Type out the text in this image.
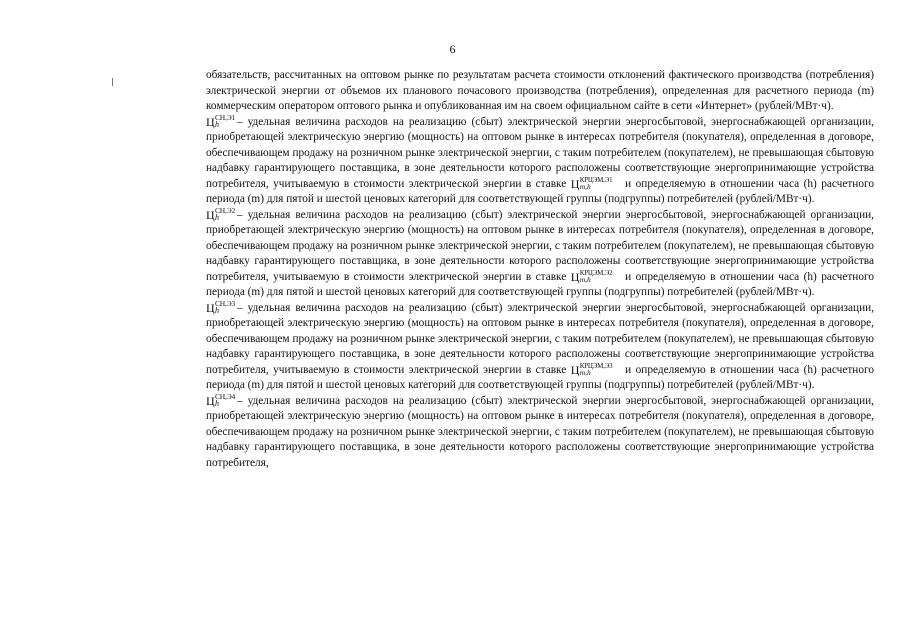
6

обязательств, рассчитанных на оптовом рынке по результатам расчета стоимости отклонений фактического производства (потребления) электрической энергии от объемов их планового почасового производства (потребления), определенная для расчетного периода (m) коммерческим оператором оптового рынка и опубликованная им на своем официальном сайте в сети «Интернет» (рублей/МВт·ч).

Ц СН,Э1
h – удельная величина расходов на реализацию (сбыт) электрической энергии энергосбытовой, энергоснабжающей организации, приобретающей электрическую энергию (мощность) на оптовом рынке в интересах потребителя (покупателя), определенная в договоре, обеспечивающем продажу на розничном рынке электрической энергии, с таким потребителем (покупателем), не превышающая сбытовую надбавку гарантирующего поставщика, в зоне деятельности которого расположены соответствующие энергопринимающие устройства потребителя, учитываемую в стоимости электрической энергии в ставке Ц КРЦЭМ,Э1
m,h	и определяемую в отношении часа (h) расчетного периода (m) для пятой и шестой ценовых категорий для соответствующей группы (подгруппы) потребителей (рублей/МВт·ч).

Ц СН,Э2
h – удельная величина расходов на реализацию (сбыт) электрической энергии энергосбытовой, энергоснабжающей организации, приобретающей электрическую энергию (мощность) на оптовом рынке в интересах потребителя (покупателя), определенная в договоре, обеспечивающем продажу на розничном рынке электрической энергии, с таким потребителем (покупателем), не превышающая сбытовую надбавку гарантирующего поставщика, в зоне деятельности которого расположены соответствующие энергопринимающие устройства потребителя, учитываемую в стоимости электрической энергии в ставке Ц КРЦЭМ,Э2
m,h	и определяемую в отношении часа (h) расчетного периода (m) для пятой и шестой ценовых категорий для соответствующей группы (подгруппы) потребителей (рублей/МВт·ч).

Ц СН,Э3
h – удельная величина расходов на реализацию (сбыт) электрической энергии энергосбытовой, энергоснабжающей организации, приобретающей электрическую энергию (мощность) на оптовом рынке в интересах потребителя (покупателя), определенная в договоре, обеспечивающем продажу на розничном рынке электрической энергии, с таким потребителем (покупателем), не превышающая сбытовую надбавку гарантирующего поставщика, в зоне деятельности которого расположены соответствующие энергопринимающие устройства потребителя, учитываемую в стоимости электрической энергии в ставке Ц КРЦЭМ,Э3
m,h	и определяемую в отношении часа (h) расчетного периода (m) для пятой и шестой ценовых категорий для соответствующей группы (подгруппы) потребителей (рублей/МВт·ч).

Ц СН,Э4
h – удельная величина расходов на реализацию (сбыт) электрической энергии энергосбытовой, энергоснабжающей организации, приобретающей электрическую энергию (мощность) на оптовом рынке в интересах потребителя (покупателя), определенная в договоре, обеспечивающем продажу на розничном рынке электрической энергии, с таким потребителем (покупателем), не превышающая сбытовую надбавку гарантирующего поставщика, в зоне деятельности которого расположены соответствующие энергопринимающие устройства потребителя,
